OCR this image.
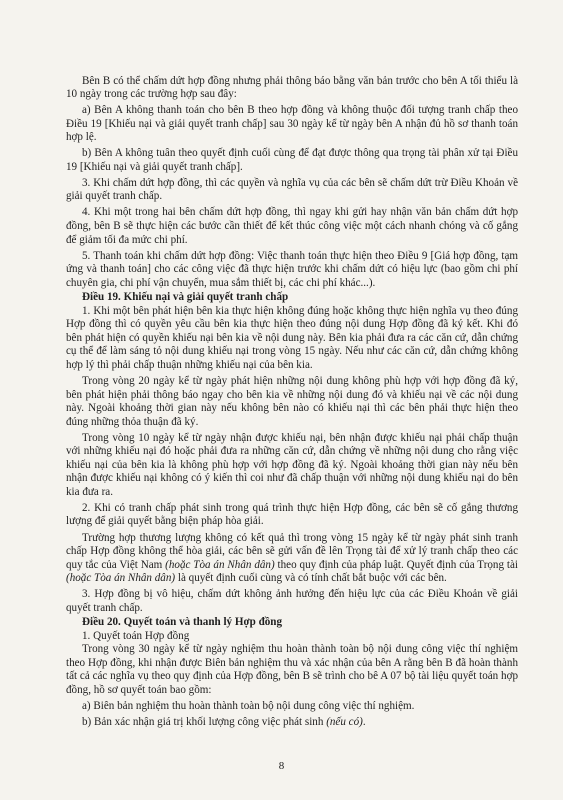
Bên B có thể chấm dứt hợp đồng nhưng phải thông báo bằng văn bản trước cho bên A tối thiểu là 10 ngày trong các trường hợp sau đây:

a) Bên A không thanh toán cho bên B theo hợp đồng và không thuộc đối tượng tranh chấp theo Điều 19 [Khiếu nại và giải quyết tranh chấp] sau 30 ngày kể từ ngày bên A nhận đủ hồ sơ thanh toán hợp lệ.

b) Bên A không tuân theo quyết định cuối cùng để đạt được thông qua trọng tài phân xử tại Điều 19 [Khiếu nại và giải quyết tranh chấp].

3. Khi chấm dứt hợp đồng, thì các quyền và nghĩa vụ của các bên sẽ chấm dứt trừ Điều Khoản về giải quyết tranh chấp.

4. Khi một trong hai bên chấm dứt hợp đồng, thì ngay khi gửi hay nhận văn bản chấm dứt hợp đồng, bên B sẽ thực hiện các bước cần thiết để kết thúc công việc một cách nhanh chóng và cố gắng để giảm tối đa mức chi phí.

5. Thanh toán khi chấm dứt hợp đồng: Việc thanh toán thực hiện theo Điều 9 [Giá hợp đồng, tạm ứng và thanh toán] cho các công việc đã thực hiện trước khi chấm dứt có hiệu lực (bao gồm chi phí chuyên gia, chi phí vận chuyển, mua sắm thiết bị, các chi phí khác...).

Điều 19. Khiếu nại và giải quyết tranh chấp

1. Khi một bên phát hiện bên kia thực hiện không đúng hoặc không thực hiện nghĩa vụ theo đúng Hợp đồng thì có quyền yêu cầu bên kia thực hiện theo đúng nội dung Hợp đồng đã ký kết. Khi đó bên phát hiện có quyền khiếu nại bên kia về nội dung này. Bên kia phải đưa ra các căn cứ, dẫn chứng cụ thể để làm sáng tỏ nội dung khiếu nại trong vòng 15 ngày. Nếu như các căn cứ, dẫn chứng không hợp lý thì phải chấp thuận những khiếu nại của bên kia.

Trong vòng 20 ngày kể từ ngày phát hiện những nội dung không phù hợp với hợp đồng đã ký, bên phát hiện phải thông báo ngay cho bên kia về những nội dung đó và khiếu nại về các nội dung này. Ngoài khoảng thời gian này nếu không bên nào có khiếu nại thì các bên phải thực hiện theo đúng những thỏa thuận đã ký.

Trong vòng 10 ngày kể từ ngày nhận được khiếu nại, bên nhận được khiếu nại phải chấp thuận với những khiếu nại đó hoặc phải đưa ra những căn cứ, dẫn chứng về những nội dung cho rằng việc khiếu nại của bên kia là không phù hợp với hợp đồng đã ký. Ngoài khoảng thời gian này nếu bên nhận được khiếu nại không có ý kiến thì coi như đã chấp thuận với những nội dung khiếu nại do bên kia đưa ra.

2. Khi có tranh chấp phát sinh trong quá trình thực hiện Hợp đồng, các bên sẽ cố gắng thương lượng để giải quyết bằng biện pháp hòa giải.

Trường hợp thương lượng không có kết quả thì trong vòng 15 ngày kể từ ngày phát sinh tranh chấp Hợp đồng không thể hòa giải, các bên sẽ gửi vấn đề lên Trọng tài để xử lý tranh chấp theo các quy tắc của Việt Nam (hoặc Tòa án Nhân dân) theo quy định của pháp luật. Quyết định của Trọng tài (hoặc Tòa án Nhân dân) là quyết định cuối cùng và có tính chất bắt buộc với các bên.

3. Hợp đồng bị vô hiệu, chấm dứt không ảnh hưởng đến hiệu lực của các Điều Khoản về giải quyết tranh chấp.

Điều 20. Quyết toán và thanh lý Hợp đồng

1. Quyết toán Hợp đồng

Trong vòng 30 ngày kể từ ngày nghiệm thu hoàn thành toàn bộ nội dung công việc thí nghiệm theo Hợp đồng, khi nhận được Biên bản nghiệm thu và xác nhận của bên A rằng bên B đã hoàn thành tất cả các nghĩa vụ theo quy định của Hợp đồng, bên B sẽ trình cho bê A 07 bộ tài liệu quyết toán hợp đồng, hồ sơ quyết toán bao gồm:

a) Biên bản nghiệm thu hoàn thành toàn bộ nội dung công việc thí nghiệm.

b) Bản xác nhận giá trị khối lượng công việc phát sinh (nếu có).

8
